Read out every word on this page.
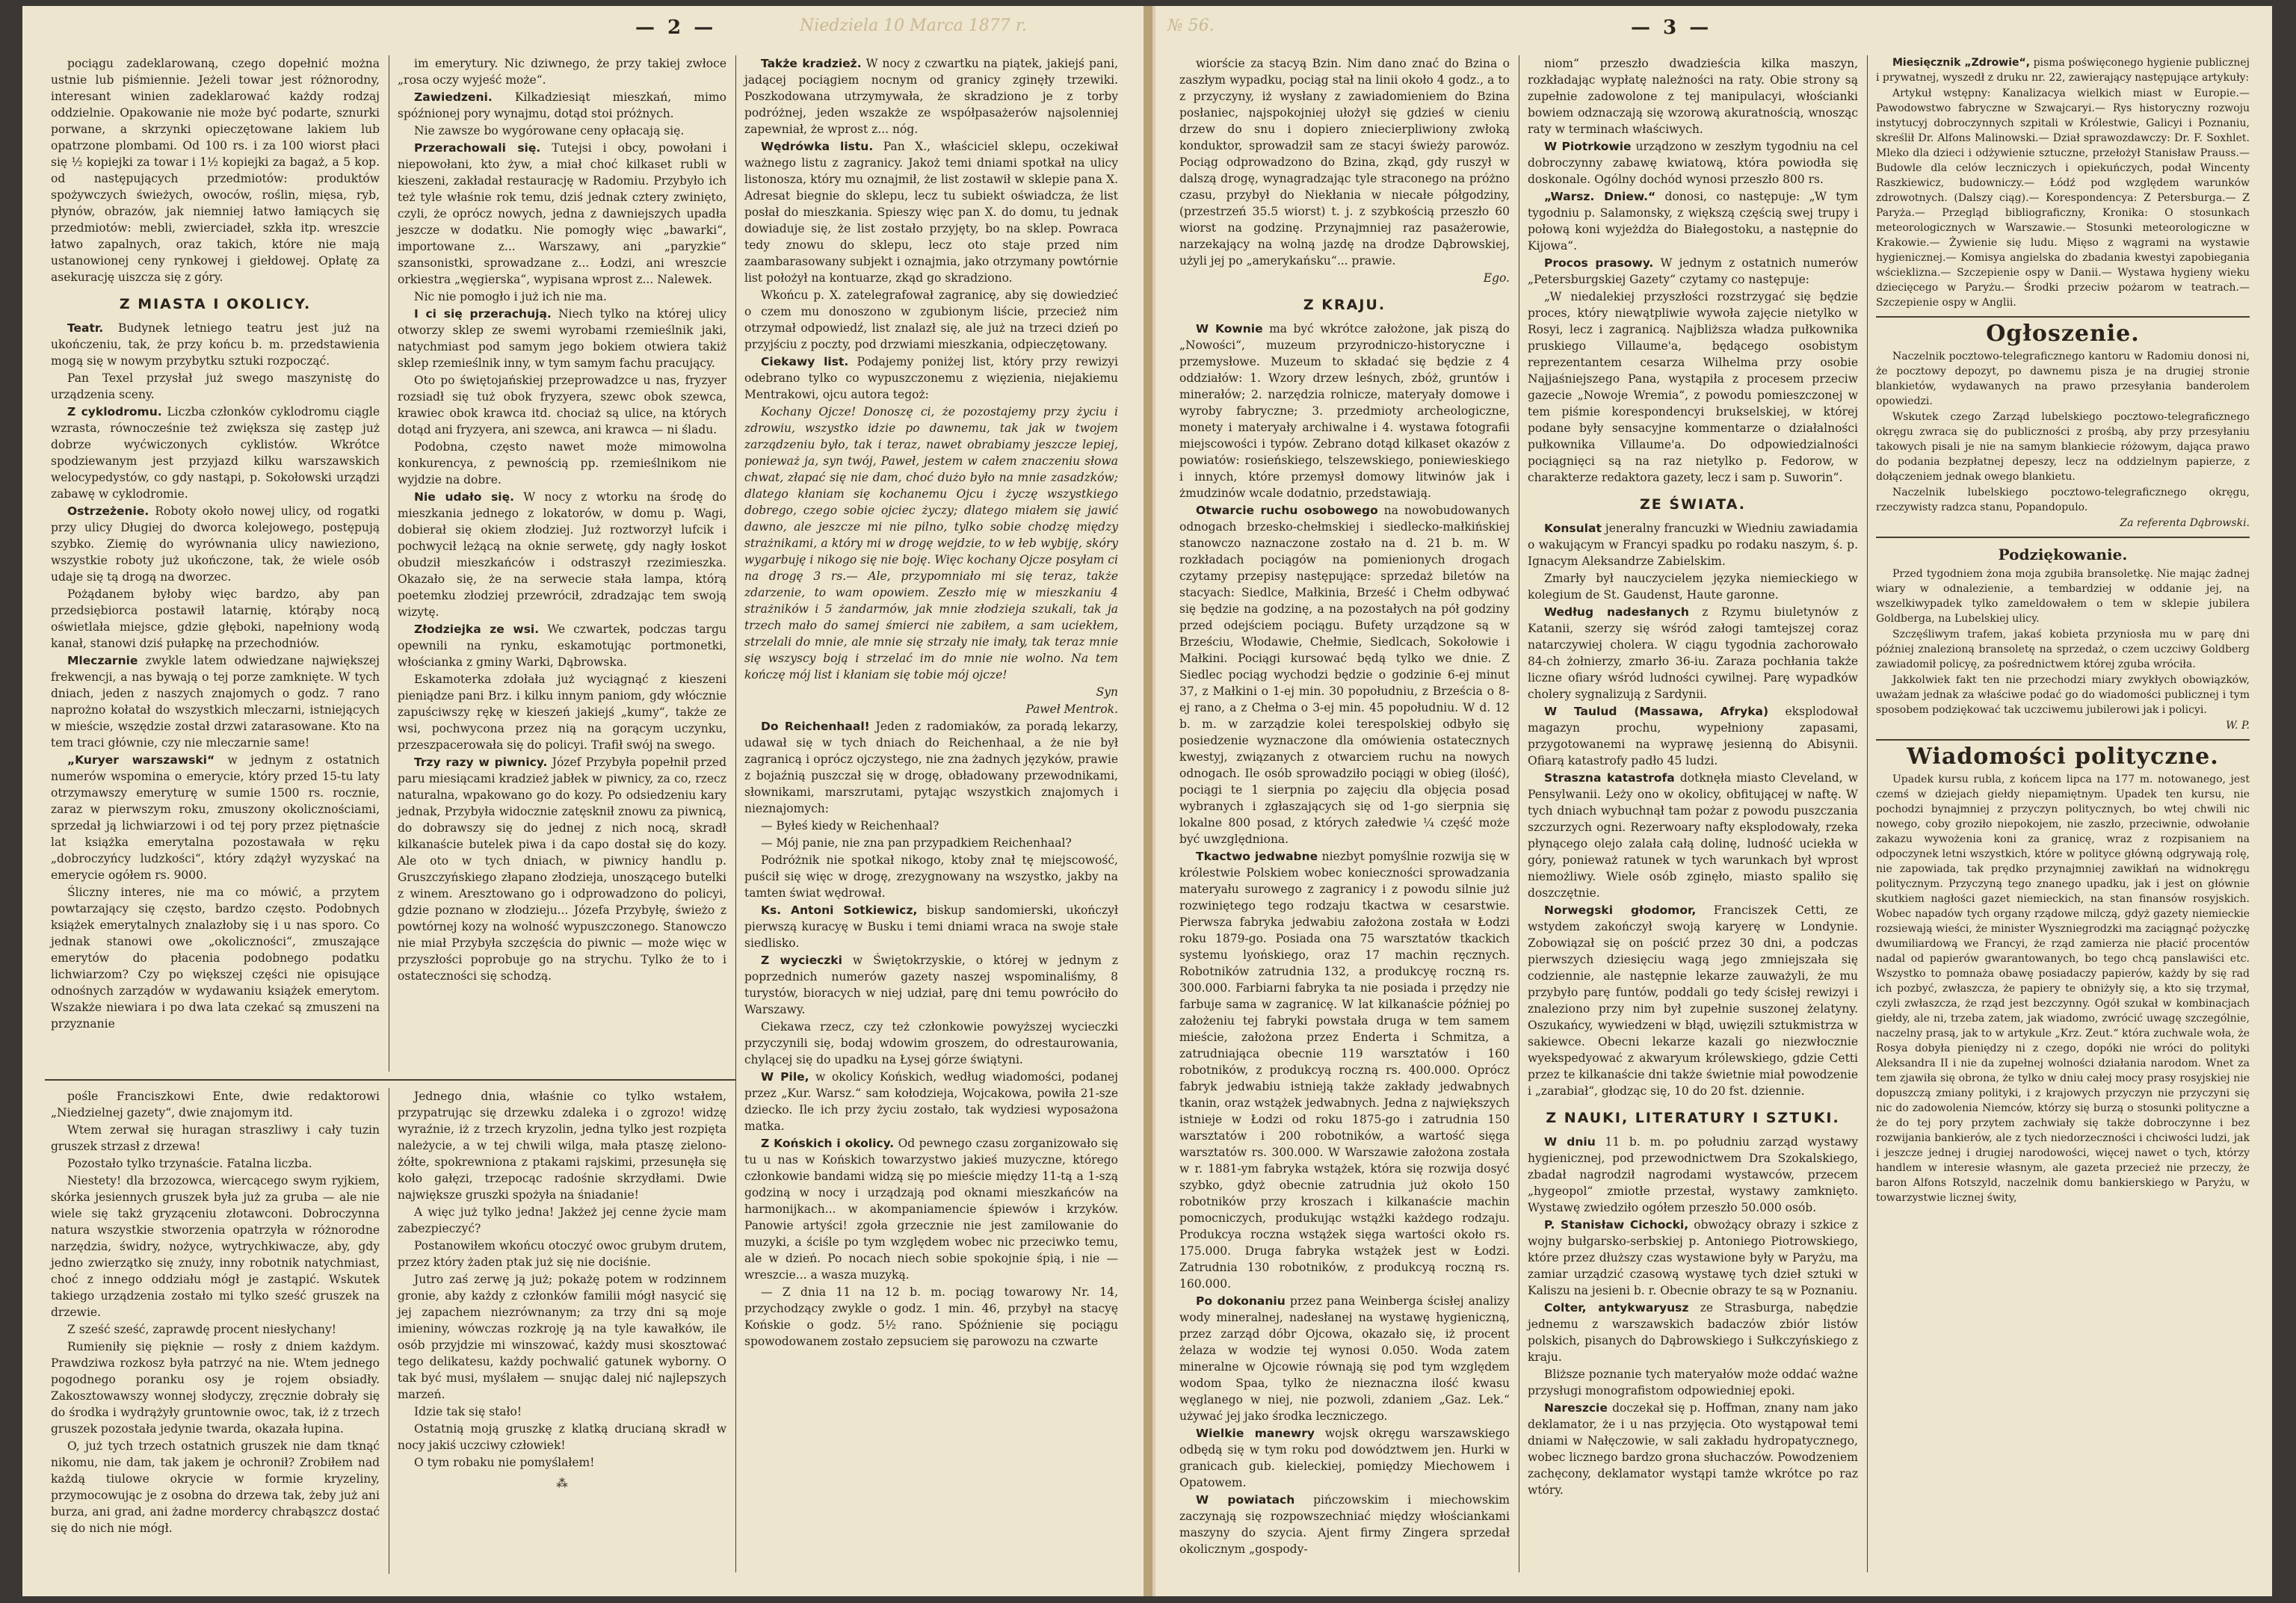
— 2 —	Niedziela 10 Marca 1877 r.

pociągu zadeklarowaną, czego dopełnić można ustnie lub piśmiennie. Jeżeli towar jest różnorodny, interesant winien zadeklarować każdy rodzaj oddzielnie. Opakowanie nie może być podarte, sznurki porwane, a skrzynki opieczętowane lakiem lub opatrzone plombami. Od 100 rs. i za 100 wiorst płaci się ½ kopiejki za towar i 1½ kopiejki za bagaż, a 5 kop. od następujących przedmiotów: produktów spożywczych świeżych, owoców, roślin, mięsa, ryb, płynów, obrazów, jak niemniej łatwo łamiących się przedmiotów: mebli, zwierciadeł, szkła itp. wreszcie łatwo zapalnych, oraz takich, które nie mają ustanowionej ceny rynkowej i giełdowej. Opłatę za asekurację uiszcza się z góry.

Z MIASTA I OKOLICY.

Teatr. Budynek letniego teatru jest już na ukończeniu, tak, że przy końcu b. m. przedstawienia mogą się w nowym przybytku sztuki rozpocząć.

Pan Texel przysłał już swego maszynistę do urządzenia sceny.

Z cyklodromu. Liczba członków cyklodromu ciągle wzrasta, równocześnie też zwiększa się zastęp już dobrze wyćwiczonych cyklistów. Wkrótce spodziewanym jest przyjazd kilku warszawskich welocypedystów, co gdy nastąpi, p. Sokołowski urządzi zabawę w cyklodromie.

Ostrzeżenie. Roboty około nowej ulicy, od rogatki przy ulicy Długiej do dworca kolejowego, postępują szybko. Ziemię do wyrównania ulicy nawieziono, wszystkie roboty już ukończone, tak, że wiele osób udaje się tą drogą na dworzec.

Pożądanem byłoby więc bardzo, aby pan przedsiębiorca postawił latarnię, którąby nocą oświetlała miejsce, gdzie głęboki, napełniony wodą kanał, stanowi dziś pułapkę na przechodniów.

Mleczarnie zwykle latem odwiedzane największej frekwencji, a nas bywają o tej porze zamknięte. W tych dniach, jeden z naszych znajomych o godz. 7 rano naprożno kołatał do wszystkich mleczarni, istniejących w mieście, wszędzie został drzwi zatarasowane. Kto na tem traci głównie, czy nie mleczarnie same!

„Kuryer warszawski“ w jednym z ostatnich numerów wspomina o emerycie, który przed 15-tu laty otrzymawszy emeryturę w sumie 1500 rs. rocznie, zaraz w pierwszym roku, zmuszony okolicznościami, sprzedał ją lichwiarzowi i od tej pory przez piętnaście lat książka emerytalna pozostawała w ręku „dobroczyńcy ludzkości“, który zdążył wyzyskać na emerycie ogółem rs. 9000.

Śliczny interes, nie ma co mówić, a przytem powtarzający się często, bardzo często. Podobnych książek emerytalnych znalazłoby się i u nas sporo. Co jednak stanowi owe „okoliczności“, zmuszające emerytów do płacenia podobnego podatku lichwiarzom? Czy po większej części nie opisujące odnośnych zarządów w wydawaniu książek emerytom. Wszakże niewiara i po dwa lata czekać są zmuszeni na przyznanie

im emerytury. Nic dziwnego, że przy takiej zwłoce „rosa oczy wyjeść może“.

Zawiedzeni. Kilkadziesiąt mieszkań, mimo spóźnionej pory wynajmu, dotąd stoi próżnych.

Nie zawsze bo wygórowane ceny opłacają się.

Przerachowali się. Tutejsi i obcy, powołani i niepowołani, kto żyw, a miał choć kilkaset rubli w kieszeni, zakładał restaurację w Radomiu. Przybyło ich też tyle właśnie rok temu, dziś jednak cztery zwinięto, czyli, że oprócz nowych, jedna z dawniejszych upadła jeszcze w dodatku. Nie pomogły więc „bawarki“, importowane z... Warszawy, ani „paryzkie“ szansonistki, sprowadzane z... Łodzi, ani wreszcie orkiestra „węgierska“, wypisana wprost z... Nalewek.

Nic nie pomogło i już ich nie ma.

I ci się przerachują. Niech tylko na której ulicy otworzy sklep ze swemi wyrobami rzemieślnik jaki, natychmiast pod samym jego bokiem otwiera takiż sklep rzemieślnik inny, w tym samym fachu pracujący.

Oto po świętojańskiej przeprowadzce u nas, fryzyer rozsiadł się tuż obok fryzyera, szewc obok szewca, krawiec obok krawca itd. chociaż są ulice, na których dotąd ani fryzyera, ani szewca, ani krawca — ni śladu.

Podobna, często nawet może mimowolna konkurencya, z pewnością pp. rzemieślnikom nie wyjdzie na dobre.

Nie udało się. W nocy z wtorku na środę do mieszkania jednego z lokatorów, w domu p. Wagi, dobierał się okiem złodziej. Już roztworzył lufcik i pochwycił leżącą na oknie serwetę, gdy nagły łoskot obudził mieszkańców i odstraszył rzezimieszka. Okazało się, że na serwecie stała lampa, którą poetemku złodziej przewrócił, zdradzając tem swoją wizytę.

Złodziejka ze wsi. We czwartek, podczas targu opewnili na rynku, eskamotując portmonetki, włościanka z gminy Warki, Dąbrowska.

Eskamoterka zdołała już wyciągnąć z kieszeni pieniądze pani Brz. i kilku innym paniom, gdy włócznie zapuściwszy rękę w kieszeń jakiejś „kumy“, także ze wsi, pochwycona przez nią na gorącym uczynku, przeszpacerowała się do policyi. Trafił swój na swego.

Trzy razy w piwnicy. Józef Przybyła popełnił przed paru miesiącami kradzież jabłek w piwnicy, za co, rzecz naturalna, wpakowano go do kozy. Po odsiedzeniu kary jednak, Przybyła widocznie zatęsknił znowu za piwnicą, do dobrawszy się do jednej z nich nocą, skradł kilkanaście butelek piwa i da capo dostał się do kozy. Ale oto w tych dniach, w piwnicy handlu p. Gruszczyńskiego złapano złodzieja, unoszącego butelki z winem. Aresztowano go i odprowadzono do policyi, gdzie poznano w złodzieju... Józefa Przybyłę, świeżo z powtórnej kozy na wolność wypuszczonego. Stanowczo nie miał Przybyła szczęścia do piwnic — może więc w przyszłości poprobuje go na strychu. Tylko że to i ostateczności się schodzą.

Także kradzież. W nocy z czwartku na piątek, jakiejś pani, jadącej pociągiem nocnym od granicy zginęły trzewiki. Poszkodowana utrzymywała, że skradziono je z torby podróżnej, jeden wszakże ze współpasażerów najsolenniej zapewniał, że wprost z... nóg.

Wędrówka listu. Pan X., właściciel sklepu, oczekiwał ważnego listu z zagranicy. Jakoż temi dniami spotkał na ulicy listonosza, który mu oznajmił, że list zostawił w sklepie pana X. Adresat biegnie do sklepu, lecz tu subiekt oświadcza, że list posłał do mieszkania. Spieszy więc pan X. do domu, tu jednak dowiaduje się, że list zostało przyjęty, bo na sklep. Powraca tedy znowu do sklepu, lecz oto staje przed nim zaambarasowany subjekt i oznajmia, jako otrzymany powtórnie list położył na kontuarze, zkąd go skradziono.

Wkońcu p. X. zatelegrafował zagranicę, aby się dowiedzieć o czem mu donoszono w zgubionym liście, przecież nim otrzymał odpowiedź, list znalazł się, ale już na trzeci dzień po przyjściu z poczty, pod drzwiami mieszkania, odpieczętowany.

Ciekawy list. Podajemy poniżej list, który przy rewizyi odebrano tylko co wypuszczonemu z więzienia, niejakiemu Mentrakowi, ojcu autora tegoż:

Kochany Ojcze! Donoszę ci, że pozostajemy przy życiu i zdrowiu, wszystko idzie po dawnemu, tak jak w twojem zarządzeniu było, tak i teraz, nawet obrabiamy jeszcze lepiej, ponieważ ja, syn twój, Paweł, jestem w całem znaczeniu słowa chwat, złapać się nie dam, choć dużo było na mnie zasadzków; dlatego kłaniam się kochanemu Ojcu i życzę wszystkiego dobrego, czego sobie ojciec życzy; dlatego miałem się jawić dawno, ale jeszcze mi nie pilno, tylko sobie chodzę między strażnikami, a który mi w drogę wejdzie, to w łeb wybiję, skóry wygarbuję i nikogo się nie boję. Więc kochany Ojcze posyłam ci na drogę 3 rs.— Ale, przypomniało mi się teraz, także zdarzenie, to wam opowiem. Zeszło mię w mieszkaniu 4 strażników i 5 żandarmów, jak mnie złodzieja szukali, tak ja trzech mało do samej śmierci nie zabiłem, a sam uciekłem, strzelali do mnie, ale mnie się strzały nie imały, tak teraz mnie się wszyscy boją i strzelać im do mnie nie wolno. Na tem kończę mój list i kłaniam się tobie mój ojcze!

Syn

Paweł Mentrok.

Do Reichenhaal! Jeden z radomiaków, za poradą lekarzy, udawał się w tych dniach do Reichenhaal, a że nie był zagranicą i oprócz ojczystego, nie zna żadnych języków, prawie z bojaźnią puszczał się w drogę, obładowany przewodnikami, słownikami, marszrutami, pytając wszystkich znajomych i nieznajomych:

— Byłeś kiedy w Reichenhaal?

— Mój panie, nie zna pan przypadkiem Reichenhaal?

Podróżnik nie spotkał nikogo, ktoby znał tę miejscowość, puścił się więc w drogę, zrezygnowany na wszystko, jakby na tamten świat wędrował.

Ks. Antoni Sotkiewicz, biskup sandomierski, ukończył pierwszą kuracyę w Busku i temi dniami wraca na swoje stałe siedlisko.

Z wycieczki w Świętokrzyskie, o której w jednym z poprzednich numerów gazety naszej wspominaliśmy, 8 turystów, bioracych w niej udział, parę dni temu powróciło do Warszawy.

Ciekawa rzecz, czy też członkowie powyższej wycieczki przyczynili się, bodaj wdowim groszem, do odrestaurowania, chylącej się do upadku na Łysej górze świątyni.

W Pile, w okolicy Końskich, według wiadomości, podanej przez „Kur. Warsz.“ sam kołodzieja, Wojcakowa, powiła 21-sze dziecko. Ile ich przy życiu zostało, tak wydziesi wyposażona matka.

Z Końskich i okolicy. Od pewnego czasu zorganizowało się tu u nas w Końskich towarzystwo jakieś muzyczne, którego członkowie bandami widzą się po mieście między 11-tą a 1-szą godziną w nocy i urządzają pod oknami mieszkańców na harmonijkach... w akompaniamencie śpiewów i krzyków. Panowie artyści! zgoła grzecznie nie jest zamilowanie do muzyki, a ściśle po tym względem wobec nic przeciwko temu, ale w dzień. Po nocach niech sobie spokojnie śpią, i nie — wreszcie... a wasza muzyką.

— Z dnia 11 na 12 b. m. pociąg towarowy Nr. 14, przychodzący zwykle o godz. 1 min. 46, przybył na stacyę Końskie o godz. 5½ rano. Spóźnienie się pociągu spowodowanem zostało zepsuciem się parowozu na czwarte

pośle Franciszkowi Ente, dwie redaktorowi „Niedzielnej gazety“, dwie znajomym itd.

Wtem zerwał się huragan straszliwy i cały tuzin gruszek strzasł z drzewa!

Pozostało tylko trzynaście. Fatalna liczba.

Niestety! dla brzozowca, wiercącego swym ryjkiem, skórka jesiennych gruszek była już za gruba — ale nie wiele się takż gryząceniu złotawconi. Dobroczynna natura wszystkie stworzenia opatrzyła w różnorodne narzędzia, świdry, nożyce, wytrychkiwacze, aby, gdy jedno zwierzątko się znuży, inny robotnik natychmiast, choć z innego oddziału mógł je zastąpić. Wskutek takiego urządzenia zostało mi tylko sześć gruszek na drzewie.

Z sześć sześć, zaprawdę procent niesłychany!

Rumieniły się pięknie — rosły z dniem każdym. Prawdziwa rozkosz była patrzyć na nie. Wtem jednego pogodnego poranku osy je rojem obsiadły. Zakosztowawszy wonnej słodyczy, zręcznie dobrały się do środka i wydrążyły gruntownie owoc, tak, iż z trzech gruszek pozostała jedynie twarda, okazała łupina.

O, już tych trzech ostatnich gruszek nie dam tknąć nikomu, nie dam, tak jakem je ochronił? Zrobiłem nad każdą tiulowe okrycie w formie kryzeliny, przymocowując je z osobna do drzewa tak, żeby już ani burza, ani grad, ani żadne mordercy chrabąszcz dostać się do nich nie mógł.

Jednego dnia, właśnie co tylko wstałem, przypatrując się drzewku zdaleka i o zgrozo! widzę wyraźnie, iż z trzech kryzolin, jedna tylko jest rozpięta należycie, a w tej chwili wilga, mała ptaszę zielono-żółte, spokrewniona z ptakami rajskimi, przesunęła się koło gałęzi, trzepocąc radośnie skrzydłami. Dwie największe gruszki spożyła na śniadanie!

A więc już tylko jedna! Jakżeż jej cenne życie mam zabezpieczyć?

Postanowiłem wkońcu otoczyć owoc grubym drutem, przez który żaden ptak już się nie dociśnie.

Jutro zaś zerwę ją już; pokażę potem w rodzinnem gronie, aby każdy z członków familii mógł nasycić się jej zapachem niezrównanym; za trzy dni są moje imieniny, wówczas rozkroję ją na tyle kawałków, ile osób przyjdzie mi winszować, każdy musi skosztować tego delikatesu, każdy pochwalić gatunek wyborny. O tak być musi, myślałem — snując dalej nić najlepszych marzeń.

Idzie tak się stało!

Ostatnią moją gruszkę z klatką drucianą skradł w nocy jakiś uczciwy człowiek!

O tym robaku nie pomyślałem!

⁂

№ 56.	— 3 —

wiorście za stacyą Bzin. Nim dano znać do Bzina o zaszłym wypadku, pociąg stał na linii około 4 godz., a to z przyczyny, iż wysłany z zawiadomieniem do Bzina posłaniec, najspokojniej ułożył się gdzieś w cieniu drzew do snu i dopiero zniecierpliwiony zwłoką konduktor, sprowadził sam ze stacyi świeży parowóz. Pociąg odprowadzono do Bzina, zkąd, gdy ruszył w dalszą drogę, wynagradzając tyle straconego na próżno czasu, przybył do Niekłania w niecałe półgodziny, (przestrzeń 35.5 wiorst) t. j. z szybkością przeszło 60 wiorst na godzinę. Przynajmniej raz pasażerowie, narzekający na wolną jazdę na drodze Dąbrowskiej, użyli jej po „amerykańsku“... prawie.

Ego.

Z KRAJU.

W Kownie ma być wkrótce założone, jak piszą do „Nowości“, muzeum przyrodniczo-historyczne i przemysłowe. Muzeum to składać się będzie z 4 oddziałów: 1. Wzory drzew leśnych, zbóż, gruntów i minerałów; 2. narzędzia rolnicze, materyały domowe i wyroby fabryczne; 3. przedmioty archeologiczne, monety i materyały archiwalne i 4. wystawa fotografii miejscowości i typów. Zebrano dotąd kilkaset okazów z powiatów: rosieńskiego, telszewskiego, poniewieskiego i innych, które przemysł domowy litwinów jak i żmudzinów wcale dodatnio, przedstawiają.

Otwarcie ruchu osobowego na nowobudowanych odnogach brzesko-chełmskiej i siedlecko-małkińskiej stanowczo naznaczone zostało na d. 21 b. m. W rozkładach pociągów na pomienionych drogach czytamy przepisy następujące: sprzedaż biletów na stacyach: Siedlce, Małkinia, Brześć i Chełm odbywać się będzie na godzinę, a na pozostałych na pół godziny przed odejściem pociągu. Bufety urządzone są w Brześciu, Włodawie, Chełmie, Siedlcach, Sokołowie i Małkini. Pociągi kursować będą tylko we dnie. Z Siedlec pociąg wychodzi będzie o godzinie 6-ej minut 37, z Małkini o 1-ej min. 30 popołudniu, z Brześcia o 8-ej rano, a z Chełma o 3-ej min. 45 popołudniu. W d. 12 b. m. w zarządzie kolei terespolskiej odbyło się posiedzenie wyznaczone dla omówienia ostatecznych kwestyj, związanych z otwarciem ruchu na nowych odnogach. Ile osób sprowadziło pociągi w obieg (ilość), pociągi te 1 sierpnia po zajęciu dla objęcia posad wybranych i zgłaszających się od 1-go sierpnia się lokalne 800 posad, z których załedwie ¼ część może być uwzględniona.

Tkactwo jedwabne niezbyt pomyślnie rozwija się w królestwie Polskiem wobec konieczności sprowadzania materyału surowego z zagranicy i z powodu silnie już rozwiniętego tego rodzaju tkactwa w cesarstwie. Pierwsza fabryka jedwabiu założona została w Łodzi roku 1879-go. Posiada ona 75 warsztatów tkackich systemu lyońskiego, oraz 17 machin ręcznych. Robotników zatrudnia 132, a produkcyę roczną rs. 300.000. Farbiarni fabryka ta nie posiada i przędzy nie farbuje sama w zagranicę. W lat kilkanaście później po założeniu tej fabryki powstała druga w tem samem mieście, założona przez Enderta i Schmitza, a zatrudniająca obecnie 119 warsztatów i 160 robotników, z produkcyą roczną rs. 400.000. Oprócz fabryk jedwabiu istnieją także zakłady jedwabnych tkanin, oraz wstążek jedwabnych. Jedna z największych istnieje w Łodzi od roku 1875-go i zatrudnia 150 warsztatów i 200 robotników, a wartość sięga warsztatów rs. 300.000. W Warszawie założona została w r. 1881-ym fabryka wstążek, która się rozwija dosyć szybko, gdyż obecnie zatrudnia już około 150 robotników przy kroszach i kilkanaście machin pomocniczych, produkując wstążki każdego rodzaju. Produkcya roczna wstążek sięga wartości około rs. 175.000. Druga fabryka wstążek jest w Łodzi. Zatrudnia 130 robotników, z produkcyą roczną rs. 160.000.

Po dokonaniu przez pana Weinberga ścisłej analizy wody mineralnej, nadesłanej na wystawę hygieniczną, przez zarząd dóbr Ojcowa, okazało się, iż procent żelaza w wodzie tej wynosi 0.050. Woda zatem mineralne w Ojcowie równają się pod tym względem wodom Spaa, tylko że nieznaczna ilość kwasu węglanego w niej, nie pozwoli, zdaniem „Gaz. Lek.“ używać jej jako środka leczniczego.

Wielkie manewry wojsk okręgu warszawskiego odbędą się w tym roku pod dowództwem jen. Hurki w granicach gub. kieleckiej, pomiędzy Miechowem i Opatowem.

W powiatach pińczowskim i miechowskim zaczynają się rozpowszechniać między włościankami maszyny do szycia. Ajent firmy Zingera sprzedał okolicznym „gospody-

niom“ przeszło dwadzieścia kilka maszyn, rozkładając wypłatę należności na raty. Obie strony są zupełnie zadowolone z tej manipulacyi, włościanki bowiem odznaczają się wzorową akuratnością, wnosząc raty w terminach właściwych.

W Piotrkowie urządzono w zeszłym tygodniu na cel dobroczynny zabawę kwiatową, która powiodła się doskonale. Ogólny dochód wynosi przeszło 800 rs.

„Warsz. Dniew.“ donosi, co następuje: „W tym tygodniu p. Salamonsky, z większą częścią swej trupy i połową koni wyjeżdża do Białegostoku, a następnie do Kijowa“.

Procos prasowy. W jednym z ostatnich numerów „Petersburgskiej Gazety“ czytamy co następuje:

„W niedalekiej przyszłości rozstrzygać się będzie proces, który niewątpliwie wywoła zajęcie nietylko w Rosyi, lecz i zagranicą. Najbliższa władza pułkownika pruskiego Villaume'a, będącego osobistym reprezentantem cesarza Wilhelma przy osobie Najjaśniejszego Pana, wystąpiła z procesem przeciw gazecie „Nowoje Wremia“, z powodu pomieszczonej w tem piśmie korespondencyi brukselskiej, w której podane były sensacyjne kommentarze o działalności pułkownika Villaume'a. Do odpowiedzialności pociągnięci są na raz nietylko p. Fedorow, w charakterze redaktora gazety, lecz i sam p. Suworin“.

ZE ŚWIATA.

Konsulat jeneralny francuzki w Wiedniu zawiadamia o wakującym w Francyi spadku po rodaku naszym, ś. p. Ignacym Aleksandrze Zabielskim.

Zmarły był nauczycielem języka niemieckiego w kolegium de St. Gaudenst, Haute garonne.

Według nadesłanych z Rzymu biuletynów z Katanii, szerzy się wśród załogi tamtejszej coraz natarczywiej cholera. W ciągu tygodnia zachorowało 84-ch żołnierzy, zmarło 36-iu. Zaraza pochłania także liczne ofiary wśród ludności cywilnej. Parę wypadków cholery sygnalizują z Sardynii.

W Taulud (Massawa, Afryka) eksplodował magazyn prochu, wypełniony zapasami, przygotowanemi na wyprawę jesienną do Abisynii. Ofiarą katastrofy padło 45 ludzi.

Straszna katastrofa dotknęła miasto Cleveland, w Pensylwanii. Leży ono w okolicy, obfitującej w naftę. W tych dniach wybuchnął tam pożar z powodu puszczania szczurzych ogni. Rezerwoary nafty eksplodowały, rzeka płynącego olejo zalała całą dolinę, ludność uciekła w góry, ponieważ ratunek w tych warunkach był wprost niemożliwy. Wiele osób zginęło, miasto spaliło się doszczętnie.

Norwegski głodomor, Franciszek Cetti, ze wstydem zakończył swoją karyerę w Londynie. Zobowiązał się on pościć przez 30 dni, a podczas pierwszych dziesięciu wagą jego zmniejszała się codziennie, ale następnie lekarze zauważyli, że mu przybyło parę funtów, poddali go tedy ścisłej rewizyi i znaleziono przy nim był zupełnie suszonej żelatyny. Oszukańcy, wywiedzeni w błąd, uwięzili sztukmistrza w sakiewce. Obecni lekarze kazali go niezwłocznie wyekspedyować z akwaryum królewskiego, gdzie Cetti przez te kilkanaście dni także świetnie miał powodzenie i „zarabiał“, głodząc się, 10 do 20 fst. dziennie.

Z NAUKI, LITERATURY I SZTUKI.

W dniu 11 b. m. po południu zarząd wystawy hygienicznej, pod przewodnictwem Dra Szokalskiego, zbadał nagrodził nagrodami wystawców, przecem „hygeopol“ zmiotłe przestał, wystawy zamknięto. Wystawę zwiedziło ogółem przeszło 50.000 osób.

P. Stanisław Cichocki, obwożący obrazy i szkice z wojny bułgarsko-serbskiej p. Antoniego Piotrowskiego, które przez dłuższy czas wystawione były w Paryżu, ma zamiar urządzić czasową wystawę tych dzieł sztuki w Kaliszu na jesieni b. r. Obecnie obrazy te są w Poznaniu.

Colter, antykwaryusz ze Strasburga, nabędzie jednemu z warszawskich badaczów zbiór listów polskich, pisanych do Dąbrowskiego i Sułkczyńskiego z kraju.

Bliższe poznanie tych materyałów może oddać ważne przysługi monografistom odpowiedniej epoki.

Nareszcie doczekał się p. Hoffman, znany nam jako deklamator, że i u nas przyjęcia. Oto wystąpował temi dniami w Nałęczowie, w sali zakładu hydropatycznego, wobec licznego bardzo grona słuchaczów. Powodzeniem zachęcony, deklamator wystąpi tamże wkrótce po raz wtóry.

Miesięcznik „Zdrowie“, pisma poświęconego hygienie publicznej i prywatnej, wyszedł z druku nr. 22, zawierający następujące artykuły:

Artykuł wstępny: Kanalizacya wielkich miast w Europie.—Pawodowstwo fabryczne w Szwajcaryi.— Rys historyczny rozwoju instytucyj dobroczynnych szpitali w Królestwie, Galicyi i Poznaniu, skreślił Dr. Alfons Malinowski.— Dział sprawozdawczy: Dr. F. Soxhlet. Mleko dla dzieci i odżywienie sztuczne, przełożył Stanisław Prauss.— Budowle dla celów leczniczych i opiekuńczych, podał Wincenty Raszkiewicz, budowniczy.— Łódź pod względem warunków zdrowotnych. (Dalszy ciąg).— Korespondencya: Z Petersburga.— Z Paryża.— Przegląd bibliograficzny, Kronika: O stosunkach meteorologicznych w Warszawie.— Stosunki meteorologiczne w Krakowie.— Żywienie się ludu. Mięso z wągrami na wystawie hygienicznej.— Komisya angielska do zbadania kwestyi zapobiegania wścieklizna.— Szczepienie ospy w Danii.— Wystawa hygieny wieku dziecięcego w Paryżu.— Środki przeciw pożarom w teatrach.— Szczepienie ospy w Anglii.

Ogłoszenie.

Naczelnik pocztowo-telegraficznego kantoru w Radomiu donosi ni, że pocztowy depozyt, po dawnemu pisza je na drugiej stronie blankietów, wydawanych na prawo przesyłania banderolem opowiedzi.

Wskutek czego Zarząd lubelskiego pocztowo-telegraficznego okręgu zwraca się do publiczności z prośbą, aby przy przesyłaniu takowych pisali je nie na samym blankiecie różowym, dająca prawo do podania bezpłatnej depeszy, lecz na oddzielnym papierze, z dołączeniem jednak owego blankietu.

Naczelnik lubelskiego pocztowo-telegraficznego okręgu, rzeczywisty radzca stanu, Popandopulo.

Za referenta Dąbrowski.

Podziękowanie.

Przed tygodniem żona moja zgubiła bransoletkę. Nie mając żadnej wiary w odnalezienie, a tembardziej w oddanie jej, na wszelkiwypadek tylko zameldowałem o tem w sklepie jubilera Goldberga, na Lubelskiej ulicy.

Szczęśliwym trafem, jakaś kobieta przyniosła mu w parę dni później znalezioną bransoletę na sprzedaż, o czem uczciwy Goldberg zawiadomił policyę, za pośrednictwem której zguba wróciła.

Jakkolwiek fakt ten nie przechodzi miary zwykłych obowiązków, uważam jednak za właściwe podać go do wiadomości publicznej i tym sposobem podziękować tak uczciwemu jubilerowi jak i policyi.

W. P.

Wiadomości polityczne.

Upadek kursu rubla, z końcem lipca na 177 m. notowanego, jest czemś w dziejach giełdy niepamiętnym. Upadek ten kursu, nie pochodzi bynajmniej z przyczyn politycznych, bo wtej chwili nic nowego, coby groziło niepokojem, nie zaszło, przeciwnie, odwołanie zakazu wywożenia koni za granicę, wraz z rozpisaniem na odpoczynek letni wszystkich, które w polityce główną odgrywają rolę, nie zapowiada, tak prędko przynajmniej zawikłań na widnokręgu politycznym. Przyczyną tego znanego upadku, jak i jest on głównie skutkiem nagłości gazet niemieckich, na stan finansów rosyjskich. Wobec napadów tych organy rządowe milczą, gdyż gazety niemieckie rozsiewają wieści, że minister Wyszniegrodzki ma zaciągnąć pożyczkę dwumiliardową we Francyi, że rząd zamierza nie płacić procentów nadal od papierów gwarantowanych, bo tego chcą panslawiści etc. Wszystko to pomnaża obawę posiadaczy papierów, każdy by się rad ich pozbyć, zwłaszcza, że papiery te obniżyły się, a kto się trzymał, czyli zwłaszcza, że rząd jest bezczynny. Ogół szukał w kombinacjach giełdy, ale ni, trzeba zatem, jak wiadomo, zwrócić uwagę szczególnie, naczelny prasą, jak to w artykule „Krz. Zeut.“ która zuchwale woła, że Rosya dobyła pieniędzy ni z czego, dopóki nie wróci do polityki Aleksandra II i nie da zupełnej wolności działania narodom. Wnet za tem zjawiła się obrona, że tylko w dniu całej mocy prasy rosyjskiej nie dopuszczą zmiany polityki, i z krajowych przyczyn nie przyczyni się nic do zadowolenia Niemców, którzy się burzą o stosunki polityczne a że do tej pory przytem zachwiały się także dobroczynne i bez rozwijania bankierów, ale z tych niedorzeczności i chciwości ludzi, jak i jeszcze jednej i drugiej narodowości, więcej nawet o tych, którzy handlem w interesie własnym, ale gazeta przecież nie przeczy, że baron Alfons Rotszyld, naczelnik domu bankierskiego w Paryżu, w towarzystwie licznej świty,
